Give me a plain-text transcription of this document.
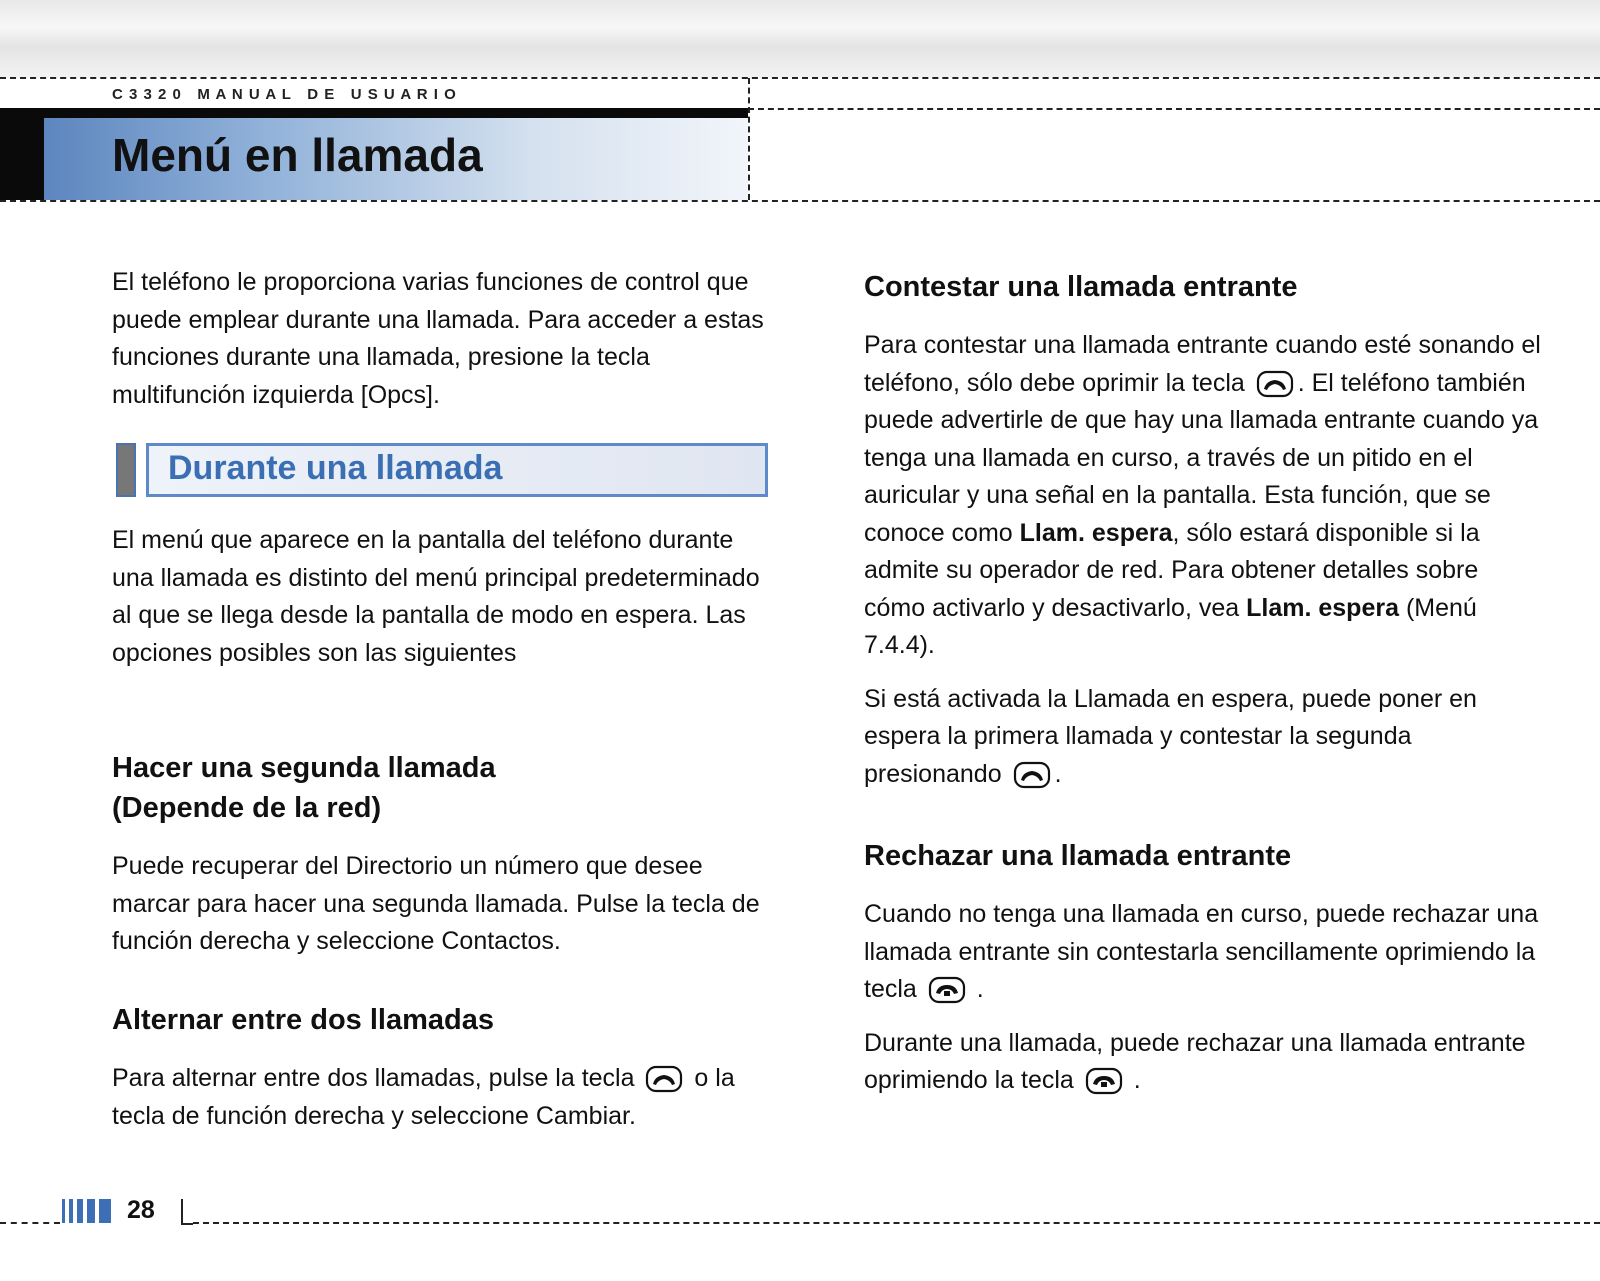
C 3 3 2 0   M A N U A L   D E   U S U A R I O
Menú en llamada

El teléfono le proporciona varias funciones de control que puede emplear durante una llamada. Para acceder a estas funciones durante una llamada, presione la tecla multifunción izquierda [Opcs].

Durante una llamada

El menú que aparece en la pantalla del teléfono durante una llamada es distinto del menú principal predeterminado al que se llega desde la pantalla de modo en espera. Las opciones posibles son las siguientes

Hacer una segunda llamada

(Depende de la red)

Puede recuperar del Directorio un número que desee marcar para hacer una segunda llamada. Pulse la tecla de función derecha y seleccione Contactos.

Alternar entre dos llamadas

Para alternar entre dos llamadas, pulse la tecla o la tecla de función derecha y seleccione Cambiar.

Contestar una llamada entrante

Para contestar una llamada entrante cuando esté sonando el teléfono, sólo debe oprimir la tecla . El teléfono también puede advertirle de que hay una llamada entrante cuando ya tenga una llamada en curso, a través de un pitido en el auricular y una señal en la pantalla. Esta función, que se conoce como Llam. espera, sólo estará disponible si la admite su operador de red. Para obtener detalles sobre cómo activarlo y desactivarlo, vea Llam. espera (Menú 7.4.4).

Si está activada la Llamada en espera, puede poner en espera la primera llamada y contestar la segunda presionando .

Rechazar una llamada entrante

Cuando no tenga una llamada en curso, puede rechazar una llamada entrante sin contestarla sencillamente oprimiendo la tecla .

Durante una llamada, puede rechazar una llamada entrante oprimiendo la tecla .

28
